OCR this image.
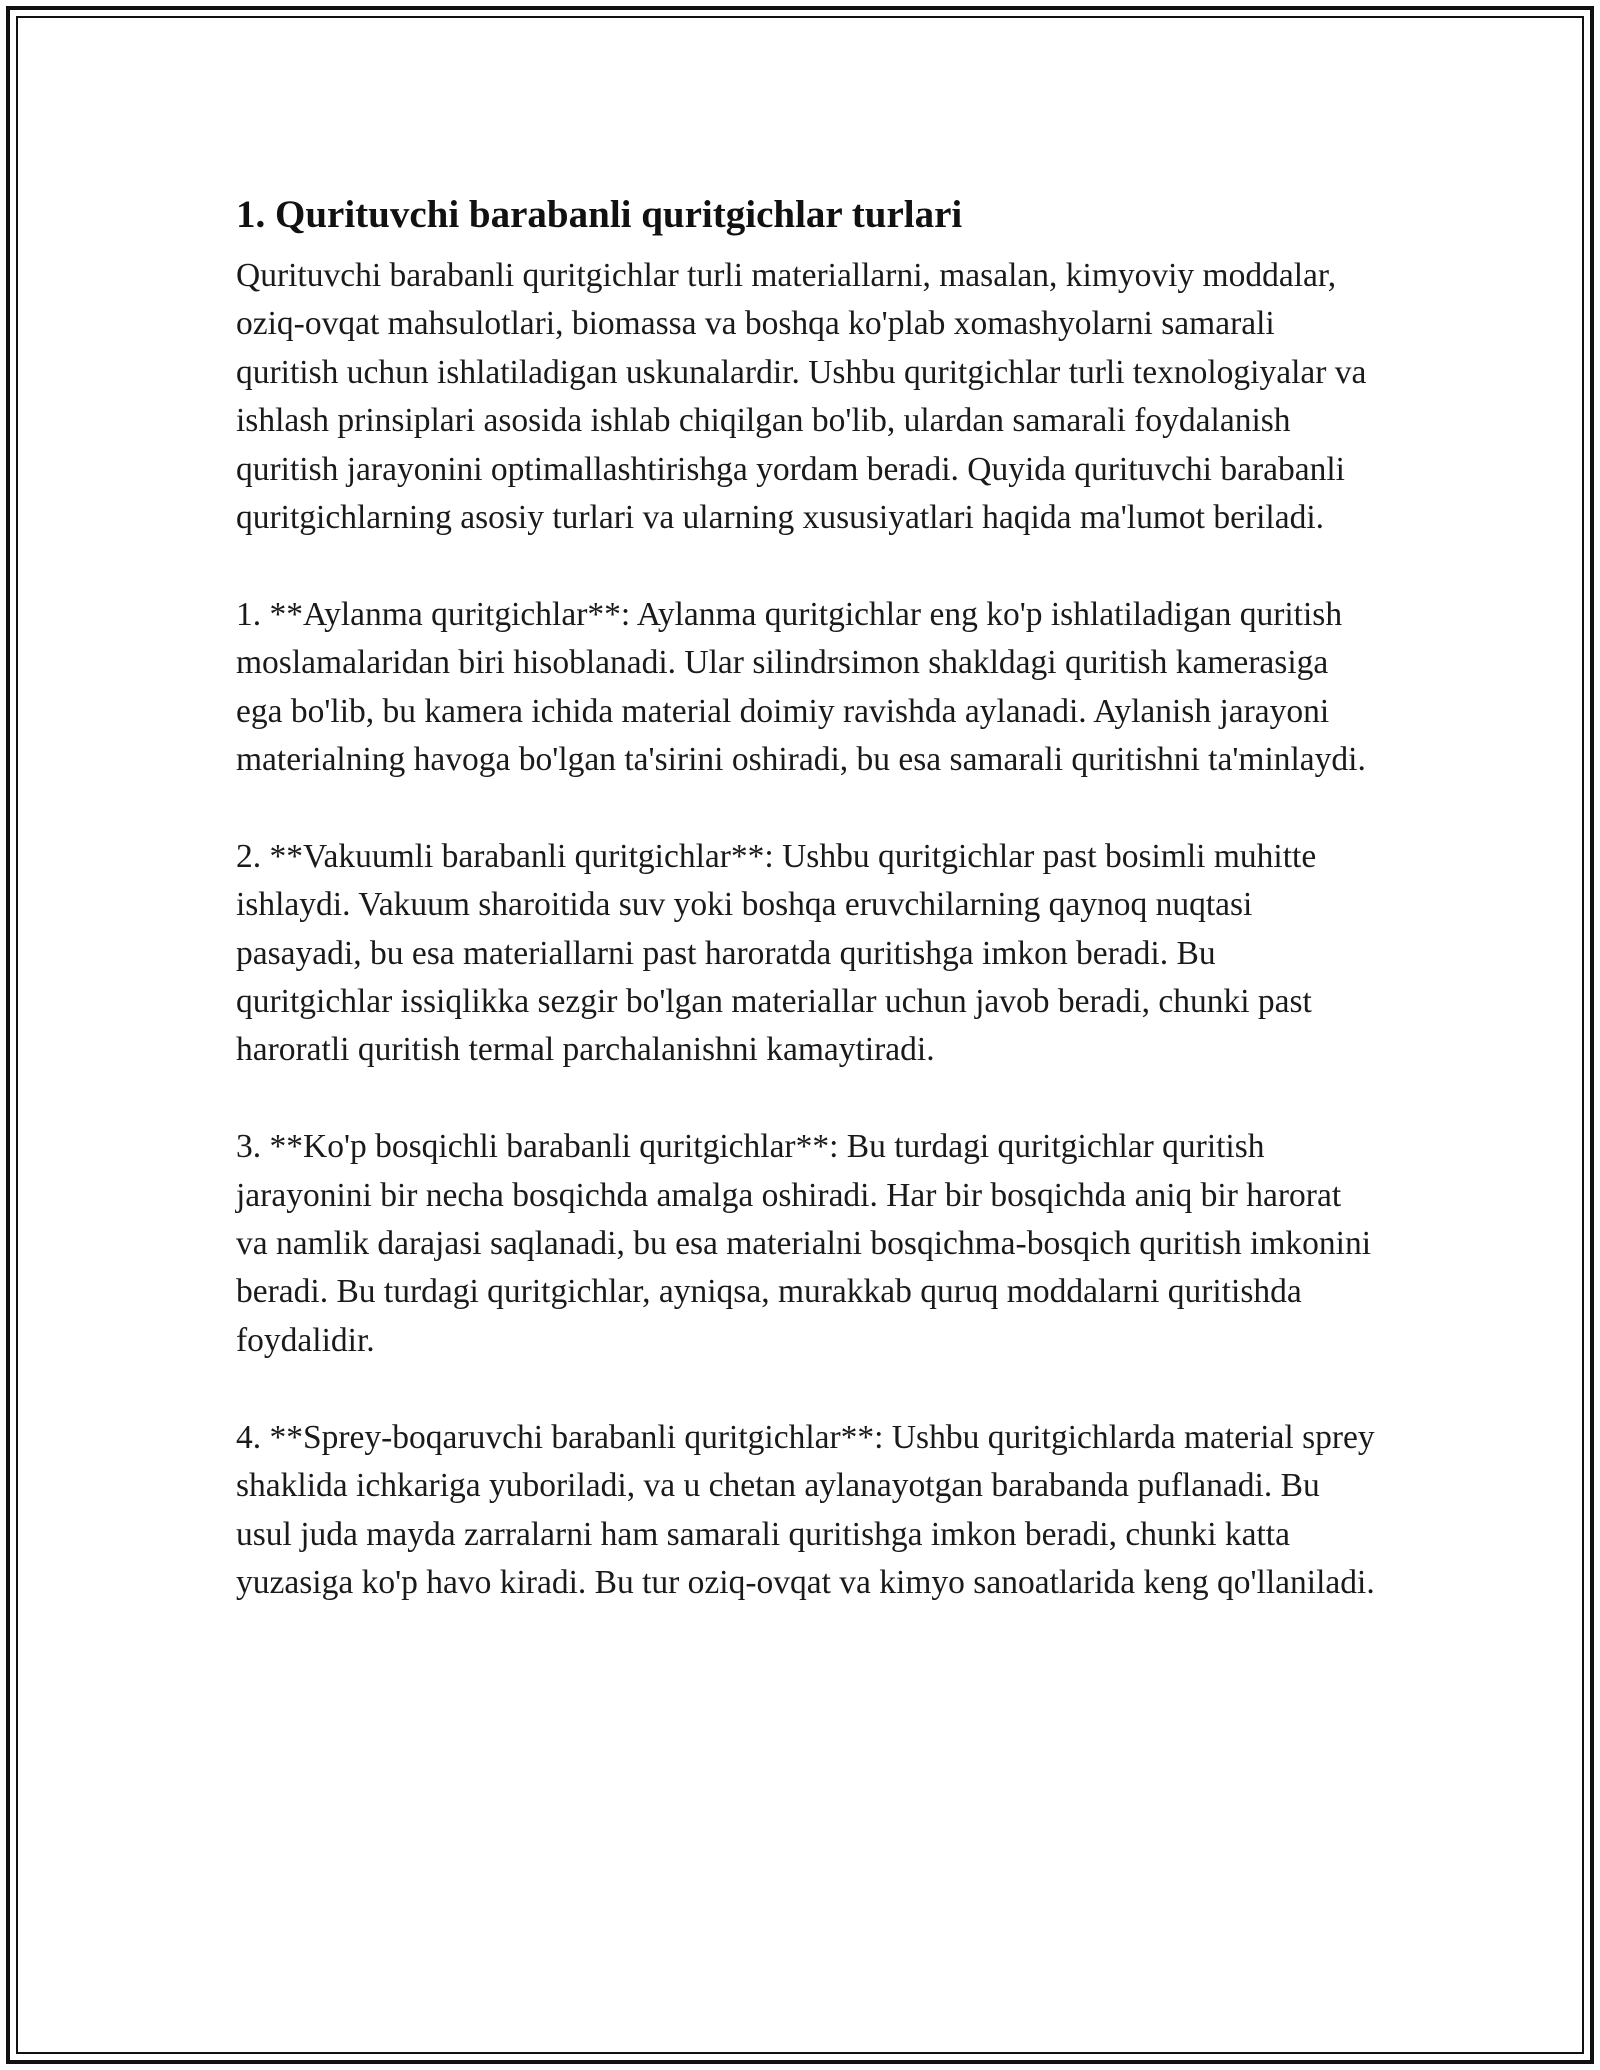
1. Qurituvchi barabanli quritgichlar turlari

Qurituvchi barabanli quritgichlar turli materiallarni, masalan, kimyoviy moddalar, oziq-ovqat mahsulotlari, biomassa va boshqa ko'plab xomashyolarni samarali quritish uchun ishlatiladigan uskunalardir. Ushbu quritgichlar turli texnologiyalar va ishlash prinsiplari asosida ishlab chiqilgan bo'lib, ulardan samarali foydalanish quritish jarayonini optimallashtirishga yordam beradi. Quyida qurituvchi barabanli quritgichlarning asosiy turlari va ularning xususiyatlari haqida ma'lumot beriladi.

1. **Aylanma quritgichlar**: Aylanma quritgichlar eng ko'p ishlatiladigan quritish moslamalaridan biri hisoblanadi. Ular silindrsimon shakldagi quritish kamerasiga ega bo'lib, bu kamera ichida material doimiy ravishda aylanadi. Aylanish jarayoni materialning havoga bo'lgan ta'sirini oshiradi, bu esa samarali quritishni ta'minlaydi.

2. **Vakuumli barabanli quritgichlar**: Ushbu quritgichlar past bosimli muhitte ishlaydi. Vakuum sharoitida suv yoki boshqa eruvchilarning qaynoq nuqtasi pasayadi, bu esa materiallarni past haroratda quritishga imkon beradi. Bu quritgichlar issiqlikka sezgir bo'lgan materiallar uchun javob beradi, chunki past haroratli quritish termal parchalanishni kamaytiradi.

3. **Ko'p bosqichli barabanli quritgichlar**: Bu turdagi quritgichlar quritish jarayonini bir necha bosqichda amalga oshiradi. Har bir bosqichda aniq bir harorat va namlik darajasi saqlanadi, bu esa materialni bosqichma-bosqich quritish imkonini beradi. Bu turdagi quritgichlar, ayniqsa, murakkab quruq moddalarni quritishda foydalidir.

4. **Sprey-boqaruvchi barabanli quritgichlar**: Ushbu quritgichlarda material sprey shaklida ichkariga yuboriladi, va u chetan aylanayotgan barabanda puflanadi. Bu usul juda mayda zarralarni ham samarali quritishga imkon beradi, chunki katta yuzasiga ko'p havo kiradi. Bu tur oziq-ovqat va kimyo sanoatlarida keng qo'llaniladi.
